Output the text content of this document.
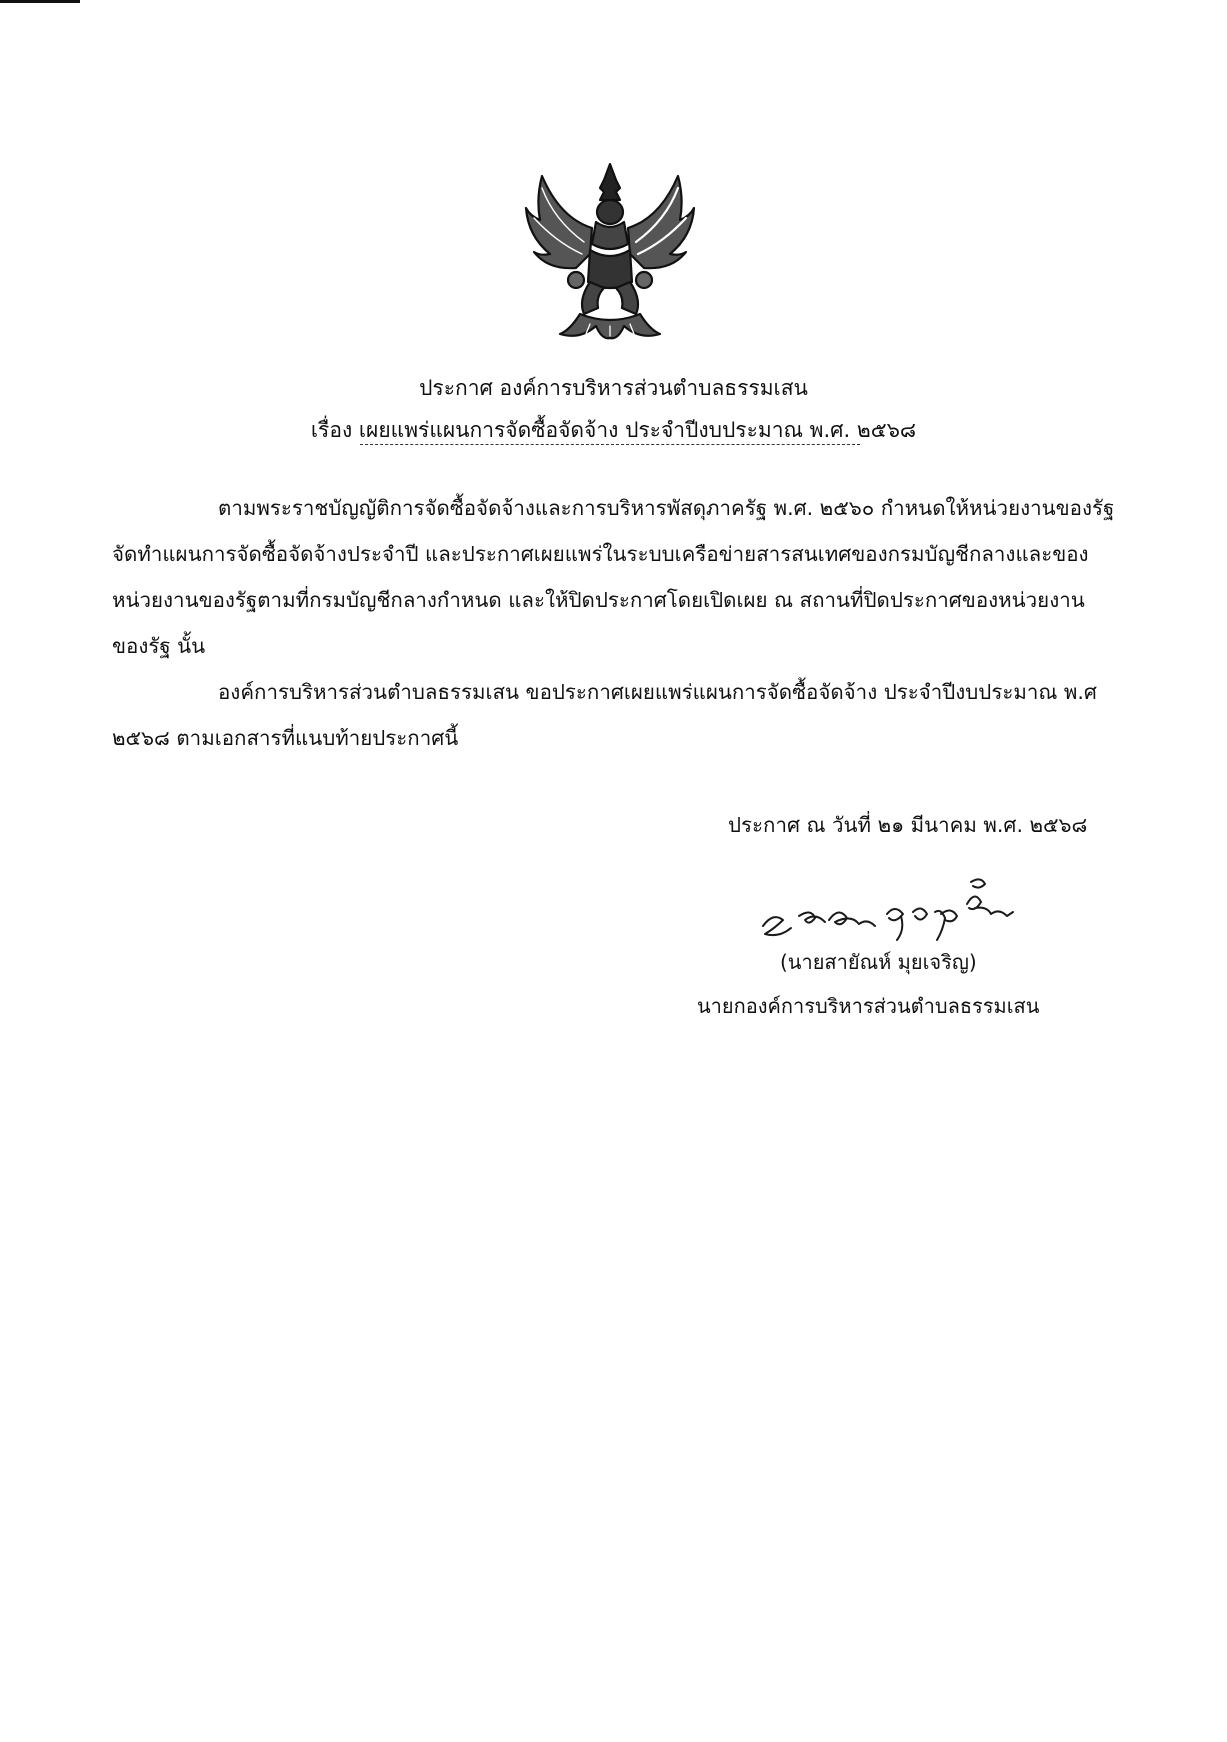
ประกาศ องค์การบริหารส่วนตำบลธรรมเสน
เรื่อง เผยแพร่แผนการจัดซื้อจัดจ้าง ประจำปีงบประมาณ พ.ศ. ๒๕๖๘
ตามพระราชบัญญัติการจัดซื้อจัดจ้างและการบริหารพัสดุภาครัฐ พ.ศ. ๒๕๖๐ กำหนดให้หน่วยงานของรัฐ
จัดทำแผนการจัดซื้อจัดจ้างประจำปี และประกาศเผยแพร่ในระบบเครือข่ายสารสนเทศของกรมบัญชีกลางและของ
หน่วยงานของรัฐตามที่กรมบัญชีกลางกำหนด และให้ปิดประกาศโดยเปิดเผย ณ สถานที่ปิดประกาศของหน่วยงาน
ของรัฐ นั้น
องค์การบริหารส่วนตำบลธรรมเสน ขอประกาศเผยแพร่แผนการจัดซื้อจัดจ้าง ประจำปีงบประมาณ พ.ศ
๒๕๖๘ ตามเอกสารที่แนบท้ายประกาศนี้
ประกาศ ณ วันที่ ๒๑ มีนาคม พ.ศ. ๒๕๖๘
(นายสายัณห์ มุยเจริญ)
นายกองค์การบริหารส่วนตำบลธรรมเสน
